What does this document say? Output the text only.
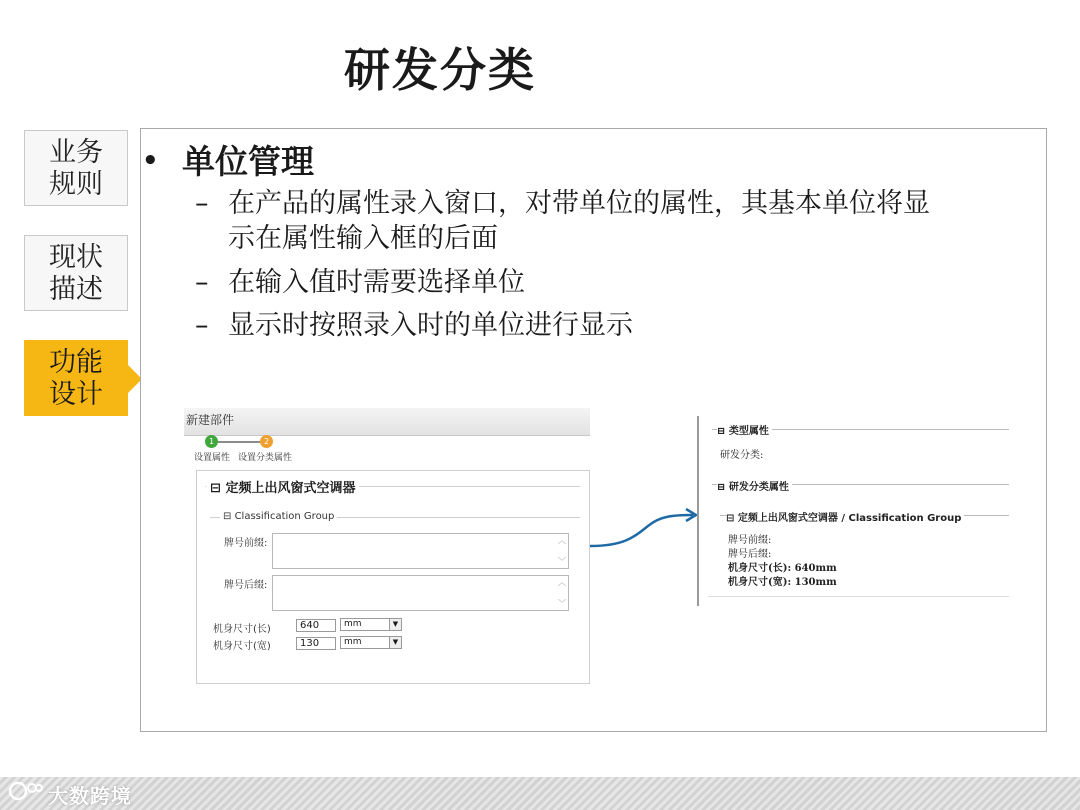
研发分类
业务
规则
现状
描述
功能
设计
• 单位管理
– 在产品的属性录入窗口，对带单位的属性，其基本单位将显
示在属性输入框的后面
– 在输入值时需要选择单位
– 显示时按照录入时的单位进行显示
新建部件
1	2
设置属性 设置分类属性
⊟ 定频上出风窗式空调器
⊟ Classification Group
牌号前缀:	︿
﹀
牌号后缀:	︿
﹀
机身尺寸(长)	640	mm	▼
机身尺寸(宽)	130	mm	▼
⊟ 类型属性
研发分类:
⊟ 研发分类属性
⊟ 定频上出风窗式空调器 / Classification Group
牌号前缀:
牌号后缀:
机身尺寸(长): 640mm
机身尺寸(宽): 130mm
大数跨境
